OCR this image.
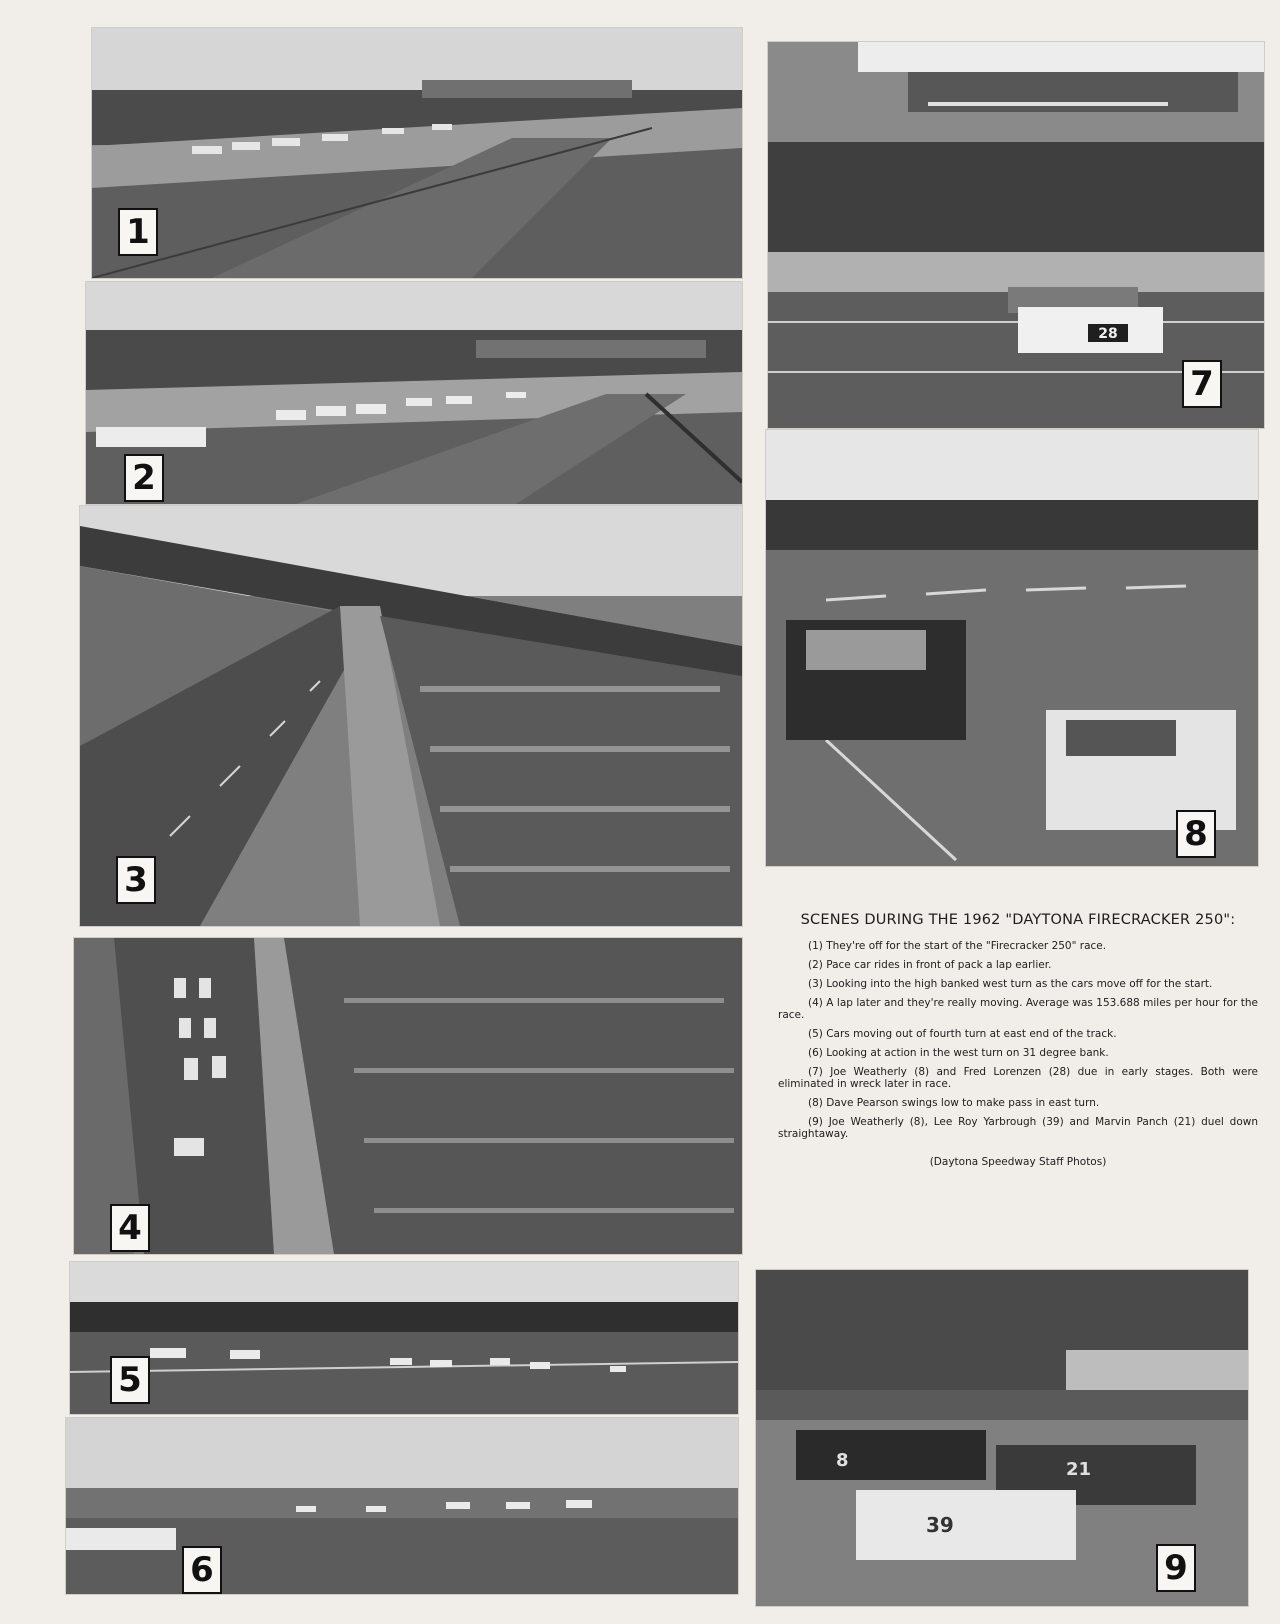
1
2
3
4
5
6
28
7
8
8	21
39
9
SCENES DURING THE 1962 "DAYTONA FIRECRACKER 250":

(1) They're off for the start of the "Firecracker 250" race.

(2) Pace car rides in front of pack a lap earlier.

(3) Looking into the high banked west turn as the cars move off for the start.

(4) A lap later and they're really moving. Average was 153.688 miles per hour for the race.

(5) Cars moving out of fourth turn at east end of the track.

(6) Looking at action in the west turn on 31 degree bank.

(7) Joe Weatherly (8) and Fred Lorenzen (28) due in early stages. Both were eliminated in wreck later in race.

(8) Dave Pearson swings low to make pass in east turn.

(9) Joe Weatherly (8), Lee Roy Yarbrough (39) and Marvin Panch (21) duel down straightaway.

(Daytona Speedway Staff Photos)
